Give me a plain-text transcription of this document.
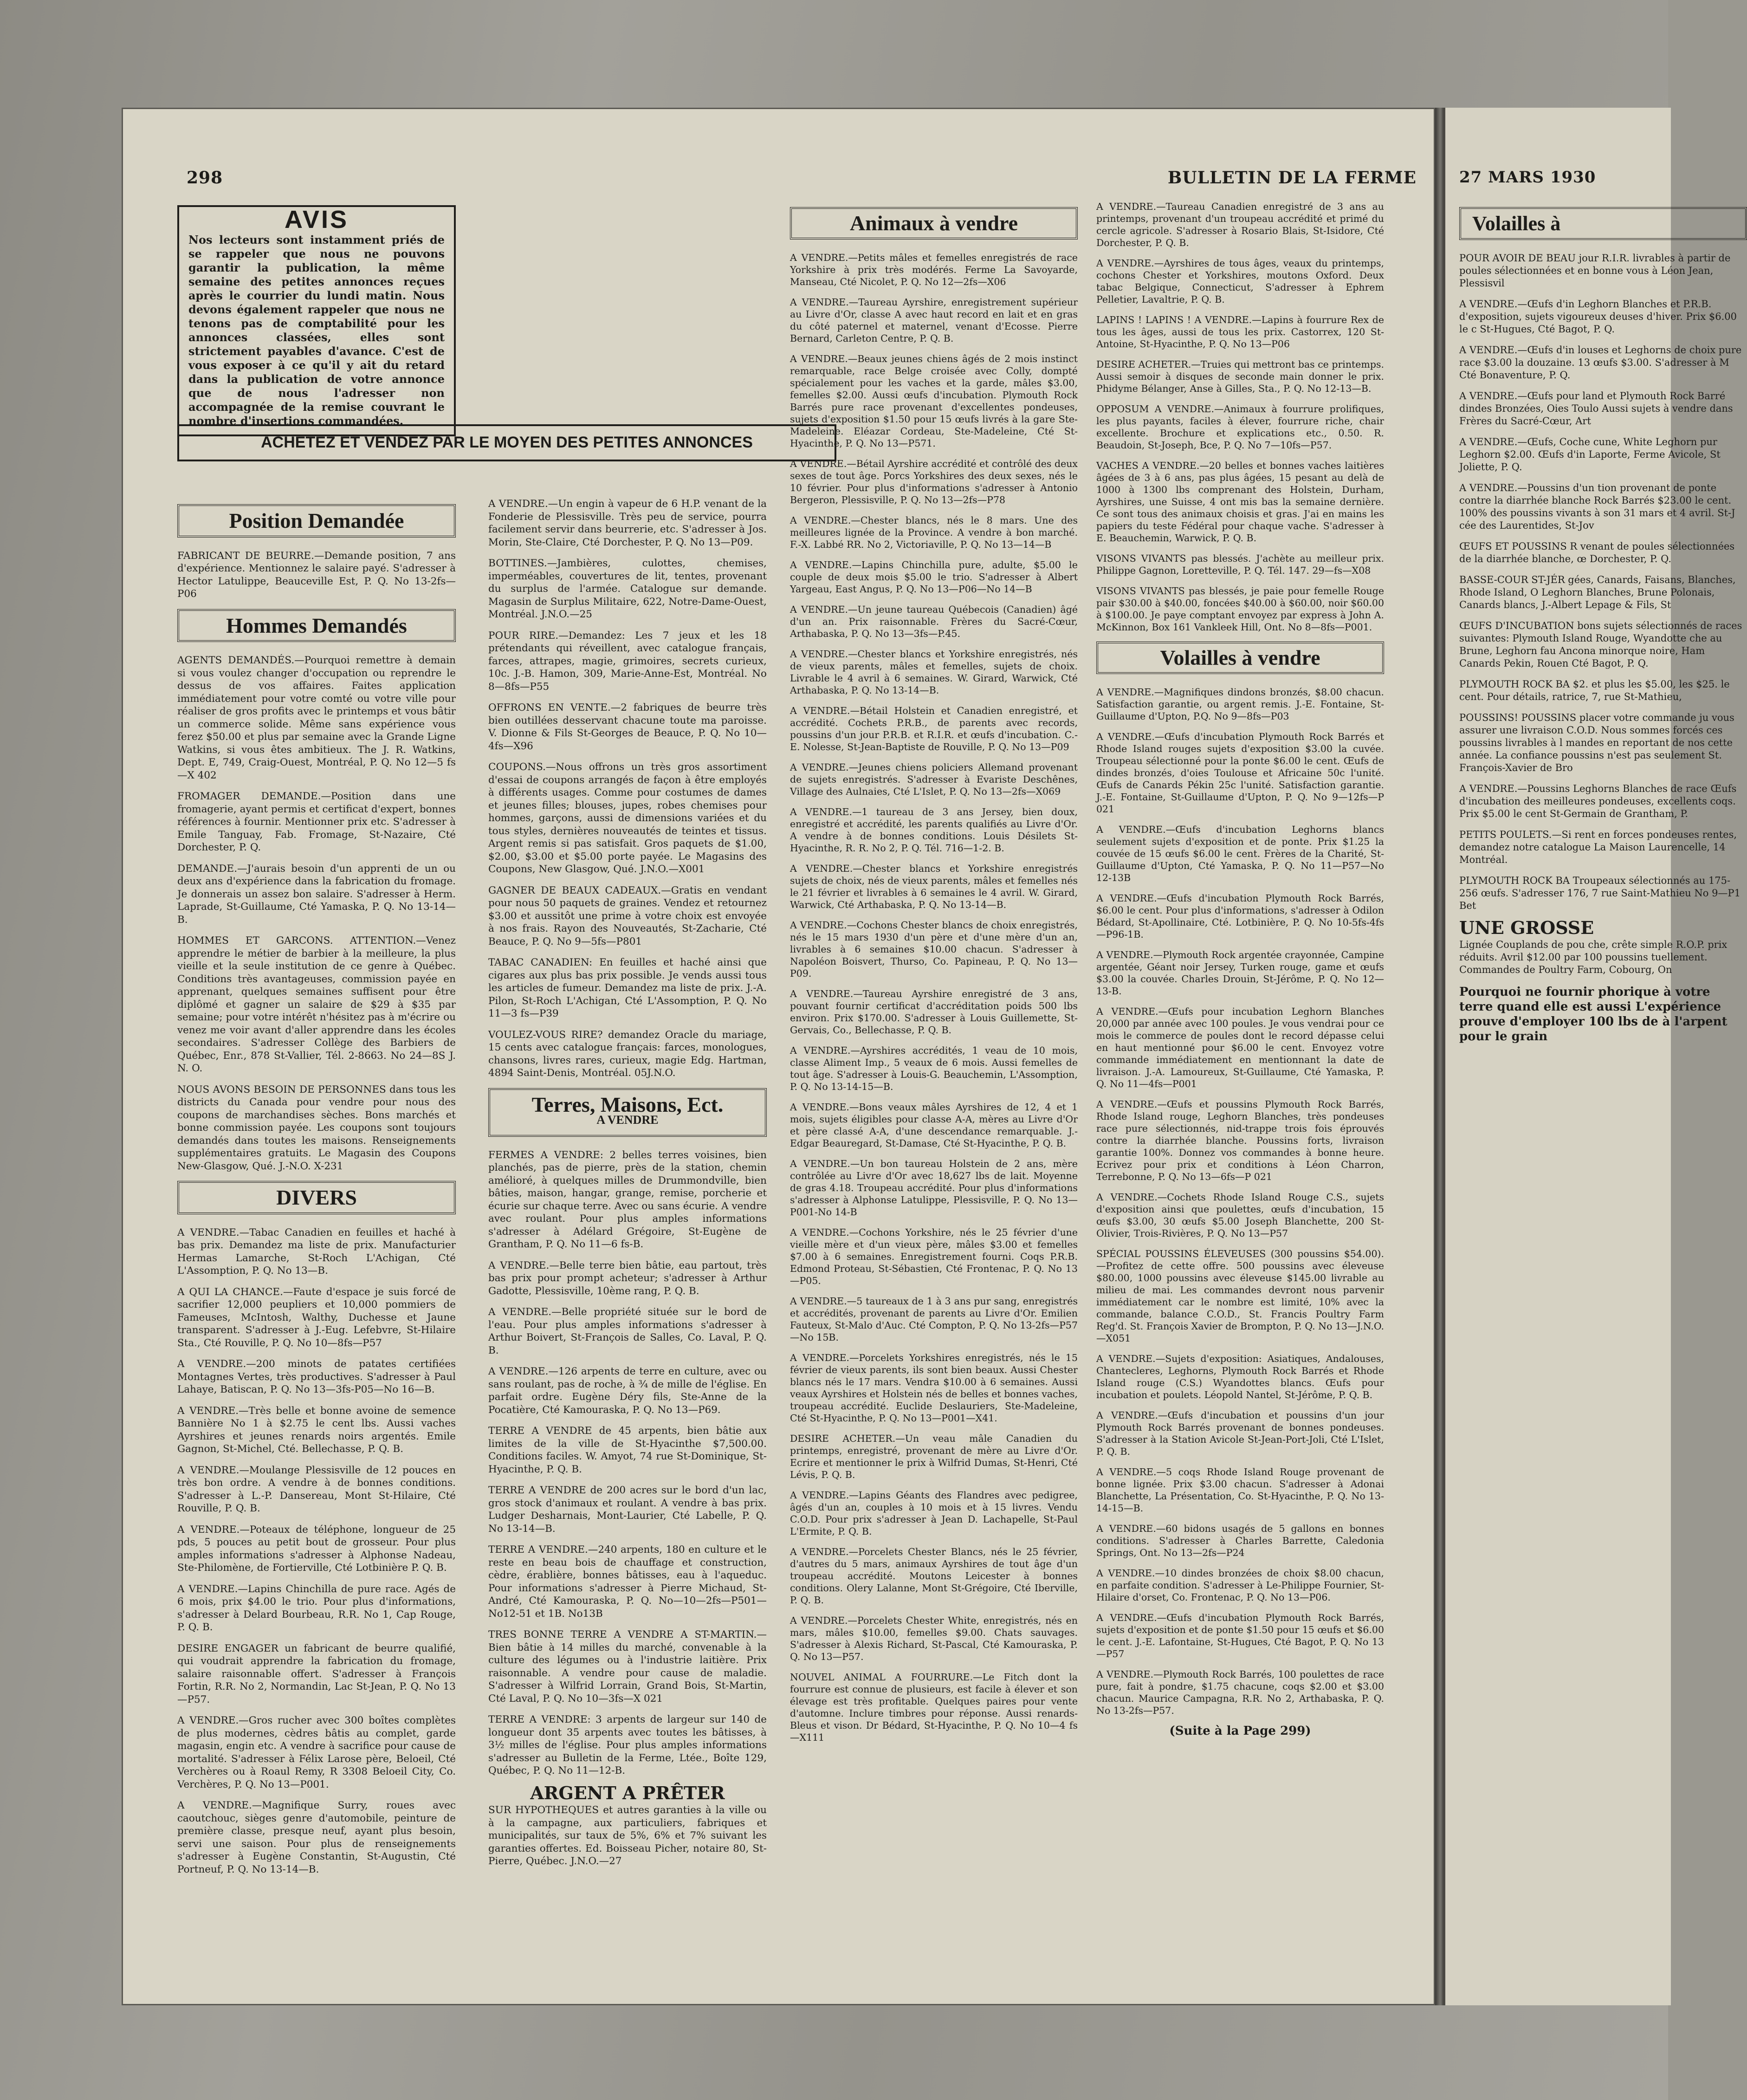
298	BULLETIN DE LA FERME
AVIS
Nos lecteurs sont instamment priés de se rappeler que nous ne pouvons garantir la publication, la même semaine des petites annonces reçues après le courrier du lundi matin. Nous devons également rappeler que nous ne tenons pas de comptabilité pour les annonces classées, elles sont strictement payables d'avance. C'est de vous exposer à ce qu'il y ait du retard dans la publication de votre annonce que de nous l'adresser non accompagnée de la remise couvrant le nombre d'insertions commandées.
ACHETEZ ET VENDEZ PAR LE MOYEN DES PETITES ANNONCES
Position Demandée

FABRICANT DE BEURRE.—Demande position, 7 ans d'expérience. Mentionnez le salaire payé. S'adresser à Hector Latulippe, Beauceville Est, P. Q. No 13-2fs—P06

Hommes Demandés

AGENTS DEMANDÉS.—Pourquoi remettre à demain si vous voulez changer d'occupation ou reprendre le dessus de vos affaires. Faites application immédiatement pour votre comté ou votre ville pour réaliser de gros profits avec le printemps et vous bâtir un commerce solide. Même sans expérience vous ferez $50.00 et plus par semaine avec la Grande Ligne Watkins, si vous êtes ambitieux. The J. R. Watkins, Dept. E, 749, Craig-Ouest, Montréal, P. Q. No 12—5 fs—X 402

FROMAGER DEMANDE.—Position dans une fromagerie, ayant permis et certificat d'expert, bonnes références à fournir. Mentionner prix etc. S'adresser à Emile Tanguay, Fab. Fromage, St-Nazaire, Cté Dorchester, P. Q.

DEMANDE.—J'aurais besoin d'un apprenti de un ou deux ans d'expérience dans la fabrication du fromage. Je donnerais un assez bon salaire. S'adresser à Herm. Laprade, St-Guillaume, Cté Yamaska, P. Q. No 13-14—B.

HOMMES ET GARCONS. ATTENTION.—Venez apprendre le métier de barbier à la meilleure, la plus vieille et la seule institution de ce genre à Québec. Conditions très avantageuses, commission payée en apprenant, quelques semaines suffisent pour être diplômé et gagner un salaire de $29 à $35 par semaine; pour votre intérêt n'hésitez pas à m'écrire ou venez me voir avant d'aller apprendre dans les écoles secondaires. S'adresser Collège des Barbiers de Québec, Enr., 878 St-Vallier, Tél. 2-8663. No 24—8S J. N. O.

NOUS AVONS BESOIN DE PERSONNES dans tous les districts du Canada pour vendre pour nous des coupons de marchandises sèches. Bons marchés et bonne commission payée. Les coupons sont toujours demandés dans toutes les maisons. Renseignements supplémentaires gratuits. Le Magasin des Coupons New-Glasgow, Qué. J.-N.O. X-231

DIVERS

A VENDRE.—Tabac Canadien en feuilles et haché à bas prix. Demandez ma liste de prix. Manufacturier Hermas Lamarche, St-Roch L'Achigan, Cté L'Assomption, P. Q. No 13—B.

A QUI LA CHANCE.—Faute d'espace je suis forcé de sacrifier 12,000 peupliers et 10,000 pommiers de Fameuses, McIntosh, Walthy, Duchesse et Jaune transparent. S'adresser à J.-Eug. Lefebvre, St-Hilaire Sta., Cté Rouville, P. Q. No 10—8fs—P57

A VENDRE.—200 minots de patates certifiées Montagnes Vertes, très productives. S'adresser à Paul Lahaye, Batiscan, P. Q. No 13—3fs-P05—No 16—B.

A VENDRE.—Très belle et bonne avoine de semence Bannière No 1 à $2.75 le cent lbs. Aussi vaches Ayrshires et jeunes renards noirs argentés. Emile Gagnon, St-Michel, Cté. Bellechasse, P. Q. B.

A VENDRE.—Moulange Plessisville de 12 pouces en très bon ordre. A vendre à de bonnes conditions. S'adresser à L.-P. Dansereau, Mont St-Hilaire, Cté Rouville, P. Q. B.

A VENDRE.—Poteaux de téléphone, longueur de 25 pds, 5 pouces au petit bout de grosseur. Pour plus amples informations s'adresser à Alphonse Nadeau, Ste-Philomène, de Fortierville, Cté Lotbinière P. Q. B.

A VENDRE.—Lapins Chinchilla de pure race. Agés de 6 mois, prix $4.00 le trio. Pour plus d'informations, s'adresser à Delard Bourbeau, R.R. No 1, Cap Rouge, P. Q. B.

DESIRE ENGAGER un fabricant de beurre qualifié, qui voudrait apprendre la fabrication du fromage, salaire raisonnable offert. S'adresser à François Fortin, R.R. No 2, Normandin, Lac St-Jean, P. Q. No 13—P57.

A VENDRE.—Gros rucher avec 300 boîtes complètes de plus modernes, cèdres bâtis au complet, garde magasin, engin etc. A vendre à sacrifice pour cause de mortalité. S'adresser à Félix Larose père, Beloeil, Cté Verchères ou à Roaul Remy, R 3308 Beloeil City, Co. Verchères, P. Q. No 13—P001.

A VENDRE.—Magnifique Surry, roues avec caoutchouc, sièges genre d'automobile, peinture de première classe, presque neuf, ayant plus besoin, servi une saison. Pour plus de renseignements s'adresser à Eugène Constantin, St-Augustin, Cté Portneuf, P. Q. No 13-14—B.

A VENDRE.—Un engin à vapeur de 6 H.P. venant de la Fonderie de Plessisville. Très peu de service, pourra facilement servir dans beurrerie, etc. S'adresser à Jos. Morin, Ste-Claire, Cté Dorchester, P. Q. No 13—P09.

BOTTINES.—Jambières, culottes, chemises, imperméables, couvertures de lit, tentes, provenant du surplus de l'armée. Catalogue sur demande. Magasin de Surplus Militaire, 622, Notre-Dame-Ouest, Montréal. J.N.O.—25

POUR RIRE.—Demandez: Les 7 jeux et les 18 prétendants qui réveillent, avec catalogue français, farces, attrapes, magie, grimoires, secrets curieux, 10c. J.-B. Hamon, 309, Marie-Anne-Est, Montréal. No 8—8fs—P55

OFFRONS EN VENTE.—2 fabriques de beurre très bien outillées desservant chacune toute ma paroisse. V. Dionne & Fils St-Georges de Beauce, P. Q. No 10—4fs—X96

COUPONS.—Nous offrons un très gros assortiment d'essai de coupons arrangés de façon à être employés à différents usages. Comme pour costumes de dames et jeunes filles; blouses, jupes, robes chemises pour hommes, garçons, aussi de dimensions variées et du tous styles, dernières nouveautés de teintes et tissus. Argent remis si pas satisfait. Gros paquets de $1.00, $2.00, $3.00 et $5.00 porte payée. Le Magasins des Coupons, New Glasgow, Qué. J.N.O.—X001

GAGNER DE BEAUX CADEAUX.—Gratis en vendant pour nous 50 paquets de graines. Vendez et retournez $3.00 et aussitôt une prime à votre choix est envoyée à nos frais. Rayon des Nouveautés, St-Zacharie, Cté Beauce, P. Q. No 9—5fs—P801

TABAC CANADIEN: En feuilles et haché ainsi que cigares aux plus bas prix possible. Je vends aussi tous les articles de fumeur. Demandez ma liste de prix. J.-A. Pilon, St-Roch L'Achigan, Cté L'Assomption, P. Q. No 11—3 fs—P39

VOULEZ-VOUS RIRE? demandez Oracle du mariage, 15 cents avec catalogue français: farces, monologues, chansons, livres rares, curieux, magie Edg. Hartman, 4894 Saint-Denis, Montréal. 05J.N.O.

Terres, Maisons, Ect.
A VENDRE

FERMES A VENDRE: 2 belles terres voisines, bien planchés, pas de pierre, près de la station, chemin amélioré, à quelques milles de Drummondville, bien bâties, maison, hangar, grange, remise, porcherie et écurie sur chaque terre. Avec ou sans écurie. A vendre avec roulant. Pour plus amples informations s'adresser à Adélard Grégoire, St-Eugène de Grantham, P. Q. No 11—6 fs-B.

A VENDRE.—Belle terre bien bâtie, eau partout, très bas prix pour prompt acheteur; s'adresser à Arthur Gadotte, Plessisville, 10ème rang, P. Q. B.

A VENDRE.—Belle propriété située sur le bord de l'eau. Pour plus amples informations s'adresser à Arthur Boivert, St-François de Salles, Co. Laval, P. Q. B.

A VENDRE.—126 arpents de terre en culture, avec ou sans roulant, pas de roche, à ¾ de mille de l'église. En parfait ordre. Eugène Déry fils, Ste-Anne de la Pocatière, Cté Kamouraska, P. Q. No 13—P69.

TERRE A VENDRE de 45 arpents, bien bâtie aux limites de la ville de St-Hyacinthe $7,500.00. Conditions faciles. W. Amyot, 74 rue St-Dominique, St-Hyacinthe, P. Q. B.

TERRE A VENDRE de 200 acres sur le bord d'un lac, gros stock d'animaux et roulant. A vendre à bas prix. Ludger Desharnais, Mont-Laurier, Cté Labelle, P. Q. No 13-14—B.

TERRE A VENDRE.—240 arpents, 180 en culture et le reste en beau bois de chauffage et construction, cèdre, érablière, bonnes bâtisses, eau à l'aqueduc. Pour informations s'adresser à Pierre Michaud, St-André, Cté Kamouraska, P. Q. No—10—2fs—P501—No12-51 et 1B. No13B

TRES BONNE TERRE A VENDRE A ST-MARTIN.—Bien bâtie à 14 milles du marché, convenable à la culture des légumes ou à l'industrie laitière. Prix raisonnable. A vendre pour cause de maladie. S'adresser à Wilfrid Lorrain, Grand Bois, St-Martin, Cté Laval, P. Q. No 10—3fs—X 021

TERRE A VENDRE: 3 arpents de largeur sur 140 de longueur dont 35 arpents avec toutes les bâtisses, à 3½ milles de l'église. Pour plus amples informations s'adresser au Bulletin de la Ferme, Ltée., Boîte 129, Québec, P. Q. No 11—12-B.

ARGENT A PRÊTER

SUR HYPOTHEQUES et autres garanties à la ville ou à la campagne, aux particuliers, fabriques et municipalités, sur taux de 5%, 6% et 7% suivant les garanties offertes. Ed. Boisseau Picher, notaire 80, St-Pierre, Québec. J.N.O.—27

Animaux à vendre

A VENDRE.—Petits mâles et femelles enregistrés de race Yorkshire à prix très modérés. Ferme La Savoyarde, Manseau, Cté Nicolet, P. Q. No 12—2fs—X06

A VENDRE.—Taureau Ayrshire, enregistrement supérieur au Livre d'Or, classe A avec haut record en lait et en gras du côté paternel et maternel, venant d'Ecosse. Pierre Bernard, Carleton Centre, P. Q. B.

A VENDRE.—Beaux jeunes chiens âgés de 2 mois instinct remarquable, race Belge croisée avec Colly, dompté spécialement pour les vaches et la garde, mâles $3.00, femelles $2.00. Aussi œufs d'incubation. Plymouth Rock Barrés pure race provenant d'excellentes pondeuses, sujets d'exposition $1.50 pour 15 œufs livrés à la gare Ste-Madeleine. Eléazar Cordeau, Ste-Madeleine, Cté St-Hyacinthe, P. Q. No 13—P571.

A VENDRE.—Bétail Ayrshire accrédité et contrôlé des deux sexes de tout âge. Porcs Yorkshires des deux sexes, nés le 10 février. Pour plus d'informations s'adresser à Antonio Bergeron, Plessisville, P. Q. No 13—2fs—P78

A VENDRE.—Chester blancs, nés le 8 mars. Une des meilleures lignée de la Province. A vendre à bon marché. F.-X. Labbé RR. No 2, Victoriaville, P. Q. No 13—14—B

A VENDRE.—Lapins Chinchilla pure, adulte, $5.00 le couple de deux mois $5.00 le trio. S'adresser à Albert Yargeau, East Angus, P. Q. No 13—P06—No 14—B

A VENDRE.—Un jeune taureau Québecois (Canadien) âgé d'un an. Prix raisonnable. Frères du Sacré-Cœur, Arthabaska, P. Q. No 13—3fs—P.45.

A VENDRE.—Chester blancs et Yorkshire enregistrés, nés de vieux parents, mâles et femelles, sujets de choix. Livrable le 4 avril à 6 semaines. W. Girard, Warwick, Cté Arthabaska, P. Q. No 13-14—B.

A VENDRE.—Bétail Holstein et Canadien enregistré, et accrédité. Cochets P.R.B., de parents avec records, poussins d'un jour P.R.B. et R.I.R. et œufs d'incubation. C.-E. Nolesse, St-Jean-Baptiste de Rouville, P. Q. No 13—P09

A VENDRE.—Jeunes chiens policiers Allemand provenant de sujets enregistrés. S'adresser à Evariste Deschênes, Village des Aulnaies, Cté L'Islet, P. Q. No 13—2fs—X069

A VENDRE.—1 taureau de 3 ans Jersey, bien doux, enregistré et accrédité, les parents qualifiés au Livre d'Or. A vendre à de bonnes conditions. Louis Désilets St-Hyacinthe, R. R. No 2, P. Q. Tél. 716—1-2. B.

A VENDRE.—Chester blancs et Yorkshire enregistrés sujets de choix, nés de vieux parents, mâles et femelles nés le 21 février et livrables à 6 semaines le 4 avril. W. Girard, Warwick, Cté Arthabaska, P. Q. No 13-14—B.

A VENDRE.—Cochons Chester blancs de choix enregistrés, nés le 15 mars 1930 d'un père et d'une mère d'un an, livrables à 6 semaines $10.00 chacun. S'adresser à Napoléon Boisvert, Thurso, Co. Papineau, P. Q. No 13—P09.

A VENDRE.—Taureau Ayrshire enregistré de 3 ans, pouvant fournir certificat d'accréditation poids 500 lbs environ. Prix $170.00. S'adresser à Louis Guillemette, St-Gervais, Co., Bellechasse, P. Q. B.

A VENDRE.—Ayrshires accrédités, 1 veau de 10 mois, classe Aliment Imp., 5 veaux de 6 mois. Aussi femelles de tout âge. S'adresser à Louis-G. Beauchemin, L'Assomption, P. Q. No 13-14-15—B.

A VENDRE.—Bons veaux mâles Ayrshires de 12, 4 et 1 mois, sujets éligibles pour classe A-A, mères au Livre d'Or et père classé A-A, d'une descendance remarquable. J.-Edgar Beauregard, St-Damase, Cté St-Hyacinthe, P. Q. B.

A VENDRE.—Un bon taureau Holstein de 2 ans, mère contrôlée au Livre d'Or avec 18,627 lbs de lait. Moyenne de gras 4.18. Troupeau accrédité. Pour plus d'informations s'adresser à Alphonse Latulippe, Plessisville, P. Q. No 13—P001-No 14-B

A VENDRE.—Cochons Yorkshire, nés le 25 février d'une vieille mère et d'un vieux père, mâles $3.00 et femelles $7.00 à 6 semaines. Enregistrement fourni. Coqs P.R.B. Edmond Proteau, St-Sébastien, Cté Frontenac, P. Q. No 13—P05.

A VENDRE.—5 taureaux de 1 à 3 ans pur sang, enregistrés et accrédités, provenant de parents au Livre d'Or. Emilien Fauteux, St-Malo d'Auc. Cté Compton, P. Q. No 13-2fs—P57—No 15B.

A VENDRE.—Porcelets Yorkshires enregistrés, nés le 15 février de vieux parents, ils sont bien beaux. Aussi Chester blancs nés le 17 mars. Vendra $10.00 à 6 semaines. Aussi veaux Ayrshires et Holstein nés de belles et bonnes vaches, troupeau accrédité. Euclide Deslauriers, Ste-Madeleine, Cté St-Hyacinthe, P. Q. No 13—P001—X41.

DESIRE ACHETER.—Un veau mâle Canadien du printemps, enregistré, provenant de mère au Livre d'Or. Ecrire et mentionner le prix à Wilfrid Dumas, St-Henri, Cté Lévis, P. Q. B.

A VENDRE.—Lapins Géants des Flandres avec pedigree, âgés d'un an, couples à 10 mois et à 15 livres. Vendu C.O.D. Pour prix s'adresser à Jean D. Lachapelle, St-Paul L'Ermite, P. Q. B.

A VENDRE.—Porcelets Chester Blancs, nés le 25 février, d'autres du 5 mars, animaux Ayrshires de tout âge d'un troupeau accrédité. Moutons Leicester à bonnes conditions. Olery Lalanne, Mont St-Grégoire, Cté Iberville, P. Q. B.

A VENDRE.—Porcelets Chester White, enregistrés, nés en mars, mâles $10.00, femelles $9.00. Chats sauvages. S'adresser à Alexis Richard, St-Pascal, Cté Kamouraska, P. Q. No 13—P57.

NOUVEL ANIMAL A FOURRURE.—Le Fitch dont la fourrure est connue de plusieurs, est facile à élever et son élevage est très profitable. Quelques paires pour vente d'automne. Inclure timbres pour réponse. Aussi renards-Bleus et vison. Dr Bédard, St-Hyacinthe, P. Q. No 10—4 fs—X111

A VENDRE.—Taureau Canadien enregistré de 3 ans au printemps, provenant d'un troupeau accrédité et primé du cercle agricole. S'adresser à Rosario Blais, St-Isidore, Cté Dorchester, P. Q. B.

A VENDRE.—Ayrshires de tous âges, veaux du printemps, cochons Chester et Yorkshires, moutons Oxford. Deux tabac Belgique, Connecticut, S'adresser à Ephrem Pelletier, Lavaltrie, P. Q. B.

LAPINS ! LAPINS ! A VENDRE.—Lapins à fourrure Rex de tous les âges, aussi de tous les prix. Castorrex, 120 St-Antoine, St-Hyacinthe, P. Q. No 13—P06

DESIRE ACHETER.—Truies qui mettront bas ce printemps. Aussi semoir à disques de seconde main donner le prix. Phidyme Bélanger, Anse à Gilles, Sta., P. Q. No 12-13—B.

OPPOSUM A VENDRE.—Animaux à fourrure prolifiques, les plus payants, faciles à élever, fourrure riche, chair excellente. Brochure et explications etc., 0.50. R. Beaudoin, St-Joseph, Bce, P. Q. No 7—10fs—P57.

VACHES A VENDRE.—20 belles et bonnes vaches laitières âgées de 3 à 6 ans, pas plus âgées, 15 pesant au delà de 1000 à 1300 lbs comprenant des Holstein, Durham, Ayrshires, une Suisse, 4 ont mis bas la semaine dernière. Ce sont tous des animaux choisis et gras. J'ai en mains les papiers du teste Fédéral pour chaque vache. S'adresser à E. Beauchemin, Warwick, P. Q. B.

VISONS VIVANTS pas blessés. J'achète au meilleur prix. Philippe Gagnon, Loretteville, P. Q. Tél. 147. 29—fs—X08

VISONS VIVANTS pas blessés, je paie pour femelle Rouge pair $30.00 à $40.00, foncées $40.00 à $60.00, noir $60.00 à $100.00. Je paye comptant envoyez par express à John A. McKinnon, Box 161 Vankleek Hill, Ont. No 8—8fs—P001.

Volailles à vendre

A VENDRE.—Magnifiques dindons bronzés, $8.00 chacun. Satisfaction garantie, ou argent remis. J.-E. Fontaine, St-Guillaume d'Upton, P.Q. No 9—8fs—P03

A VENDRE.—Œufs d'incubation Plymouth Rock Barrés et Rhode Island rouges sujets d'exposition $3.00 la cuvée. Troupeau sélectionné pour la ponte $6.00 le cent. Œufs de dindes bronzés, d'oies Toulouse et Africaine 50c l'unité. Œufs de Canards Pékin 25c l'unité. Satisfaction garantie. J.-E. Fontaine, St-Guillaume d'Upton, P. Q. No 9—12fs—P 021

A VENDRE.—Œufs d'incubation Leghorns blancs seulement sujets d'exposition et de ponte. Prix $1.25 la couvée de 15 œufs $6.00 le cent. Frères de la Charité, St-Guillaume d'Upton, Cté Yamaska, P. Q. No 11—P57—No 12-13B

A VENDRE.—Œufs d'incubation Plymouth Rock Barrés, $6.00 le cent. Pour plus d'informations, s'adresser à Odilon Bédard, St-Apollinaire, Cté. Lotbinière, P. Q. No 10-5fs-4fs—P96-1B.

A VENDRE.—Plymouth Rock argentée crayonnée, Campine argentée, Géant noir Jersey, Turken rouge, game et œufs $3.00 la couvée. Charles Drouin, St-Jérôme, P. Q. No 12—13-B.

A VENDRE.—Œufs pour incubation Leghorn Blanches 20,000 par année avec 100 poules. Je vous vendrai pour ce mois le commerce de poules dont le record dépasse celui en haut mentionné pour $6.00 le cent. Envoyez votre commande immédiatement en mentionnant la date de livraison. J.-A. Lamoureux, St-Guillaume, Cté Yamaska, P. Q. No 11—4fs—P001

A VENDRE.—Œufs et poussins Plymouth Rock Barrés, Rhode Island rouge, Leghorn Blanches, très pondeuses race pure sélectionnés, nid-trappe trois fois éprouvés contre la diarrhée blanche. Poussins forts, livraison garantie 100%. Donnez vos commandes à bonne heure. Ecrivez pour prix et conditions à Léon Charron, Terrebonne, P. Q. No 13—6fs—P 021

A VENDRE.—Cochets Rhode Island Rouge C.S., sujets d'exposition ainsi que poulettes, œufs d'incubation, 15 œufs $3.00, 30 œufs $5.00 Joseph Blanchette, 200 St-Olivier, Trois-Rivières, P. Q. No 13—P57

SPÉCIAL POUSSINS ÉLEVEUSES (300 poussins $54.00).—Profitez de cette offre. 500 poussins avec éleveuse $80.00, 1000 poussins avec éleveuse $145.00 livrable au milieu de mai. Les commandes devront nous parvenir immédiatement car le nombre est limité, 10% avec la commande, balance C.O.D., St. Francis Poultry Farm Reg'd. St. François Xavier de Brompton, P. Q. No 13—J.N.O.—X051

A VENDRE.—Sujets d'exposition: Asiatiques, Andalouses, Chantecleres, Leghorns, Plymouth Rock Barrés et Rhode Island rouge (C.S.) Wyandottes blancs. Œufs pour incubation et poulets. Léopold Nantel, St-Jérôme, P. Q. B.

A VENDRE.—Œufs d'incubation et poussins d'un jour Plymouth Rock Barrés provenant de bonnes pondeuses. S'adresser à la Station Avicole St-Jean-Port-Joli, Cté L'Islet, P. Q. B.

A VENDRE.—5 coqs Rhode Island Rouge provenant de bonne lignée. Prix $3.00 chacun. S'adresser à Adonai Blanchette, La Présentation, Co. St-Hyacinthe, P. Q. No 13-14-15—B.

A VENDRE.—60 bidons usagés de 5 gallons en bonnes conditions. S'adresser à Charles Barrette, Caledonia Springs, Ont. No 13—2fs—P24

A VENDRE.—10 dindes bronzées de choix $8.00 chacun, en parfaite condition. S'adresser à Le-Philippe Fournier, St-Hilaire d'orset, Co. Frontenac, P. Q. No 13—P06.

A VENDRE.—Œufs d'incubation Plymouth Rock Barrés, sujets d'exposition et de ponte $1.50 pour 15 œufs et $6.00 le cent. J.-E. Lafontaine, St-Hugues, Cté Bagot, P. Q. No 13—P57

A VENDRE.—Plymouth Rock Barrés, 100 poulettes de race pure, fait à pondre, $1.75 chacune, coqs $2.00 et $3.00 chacun. Maurice Campagna, R.R. No 2, Arthabaska, P. Q. No 13-2fs—P57.

(Suite à la Page 299)
27 MARS 1930
Volailles à

POUR AVOIR DE BEAU jour R.I.R. livrables à partir de poules sélectionnées et en bonne vous à Léon Jean, Plessisvil

A VENDRE.—Œufs d'in Leghorn Blanches et P.R.B. d'exposition, sujets vigoureux deuses d'hiver. Prix $6.00 le c St-Hugues, Cté Bagot, P. Q.

A VENDRE.—Œufs d'in louses et Leghorns de choix pure race $3.00 la douzaine. 13 œufs $3.00. S'adresser à M Cté Bonaventure, P. Q.

A VENDRE.—Œufs pour land et Plymouth Rock Barré dindes Bronzées, Oies Toulo Aussi sujets à vendre dans Frères du Sacré-Cœur, Art

A VENDRE.—Œufs, Coche cune, White Leghorn pur Leghorn $2.00. Œufs d'in Laporte, Ferme Avicole, St Joliette, P. Q.

A VENDRE.—Poussins d'un tion provenant de ponte contre la diarrhée blanche Rock Barrés $23.00 le cent. 100% des poussins vivants à son 31 mars et 4 avril. St-J cée des Laurentides, St-Jov

ŒUFS ET POUSSINS R venant de poules sélectionnées de la diarrhée blanche, œ Dorchester, P. Q.

BASSE-COUR ST-JÉR gées, Canards, Faisans, Blanches, Rhode Island, O Leghorn Blanches, Brune Polonais, Canards blancs, J.-Albert Lepage & Fils, St

ŒUFS D'INCUBATION bons sujets sélectionnés de races suivantes: Plymouth Island Rouge, Wyandotte che au Brune, Leghorn fau Ancona minorque noire, Ham Canards Pekin, Rouen Cté Bagot, P. Q.

PLYMOUTH ROCK BA $2. et plus les $5.00, les $25. le cent. Pour détails, ratrice, 7, rue St-Mathieu,

POUSSINS! POUSSINS placer votre commande ju vous assurer une livraison C.O.D. Nous sommes forcés ces poussins livrables à l mandes en reportant de nos cette année. La confiance poussins n'est pas seulement St. François-Xavier de Bro

A VENDRE.—Poussins Leghorns Blanches de race Œufs d'incubation des meilleures pondeuses, excellents coqs. Prix $5.00 le cent St-Germain de Grantham, P.

PETITS POULETS.—Si rent en forces pondeuses rentes, demandez notre catalogue La Maison Laurencelle, 14 Montréal.

PLYMOUTH ROCK BA Troupeaux sélectionnés au 175-256 œufs. S'adresser 176, 7 rue Saint-Mathieu No 9—P1 Bet

UNE GROSSE

Lignée Couplands de pou che, crête simple R.O.P. prix réduits. Avril $12.00 par 100 poussins tuellement. Commandes de Poultry Farm, Cobourg, On

Pourquoi ne fournir phorique à votre terre quand elle est aussi L'expérience prouve d'employer 100 lbs de à l'arpent pour le grain
